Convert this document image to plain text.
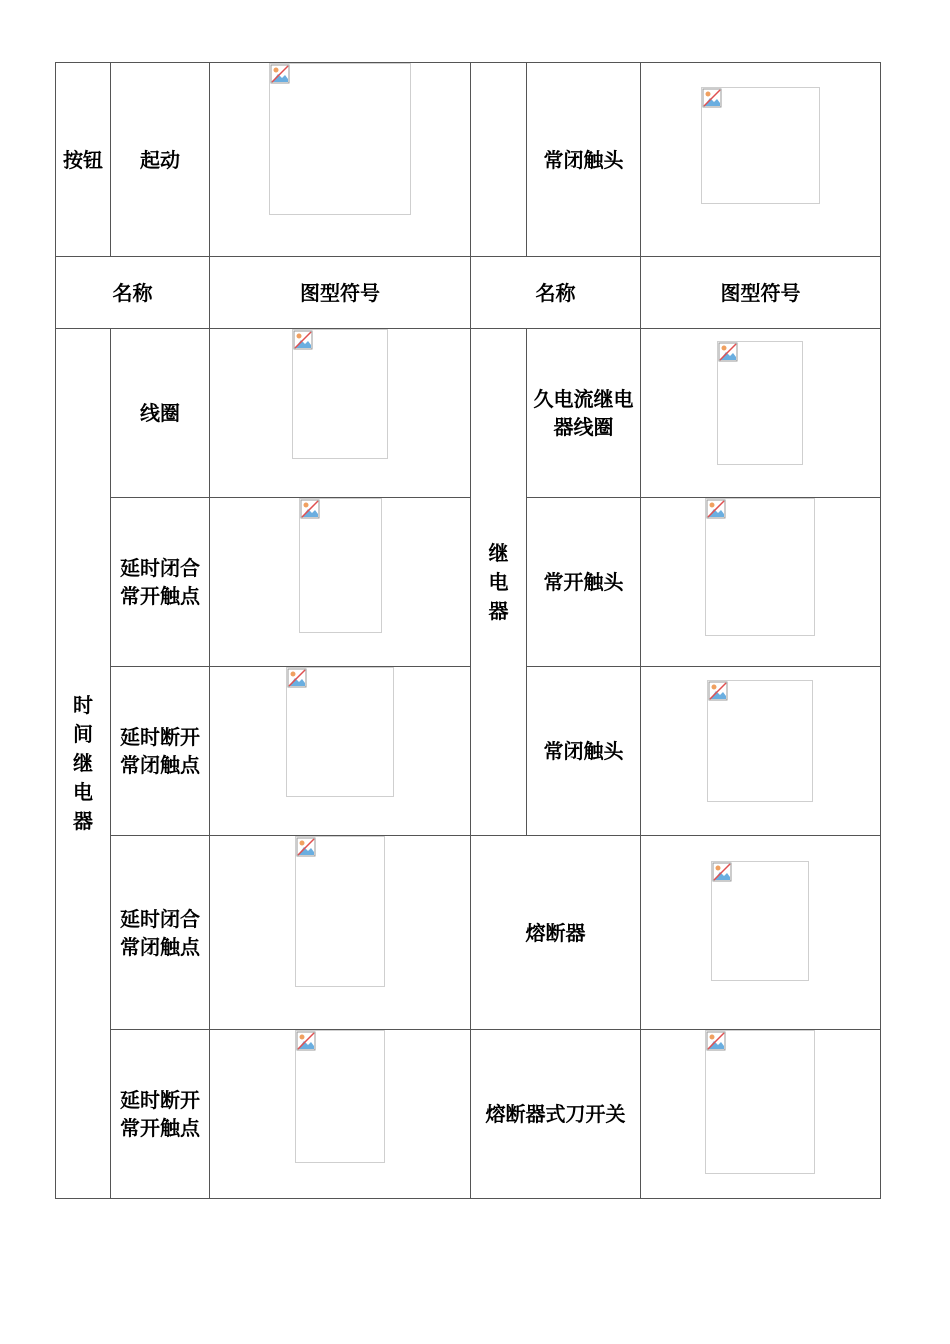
按钮	起动			常闭触头	

名称		图型符号	名称		图型符号

时间继电器	线圈		继电器	久电流继电器线圈	

	延时闭合常开触点			常开触头	

	延时断开常闭触点			常闭触头	

	延时闭合常闭触点		熔断器	

	延时断开常开触点		熔断器式刀开关	
